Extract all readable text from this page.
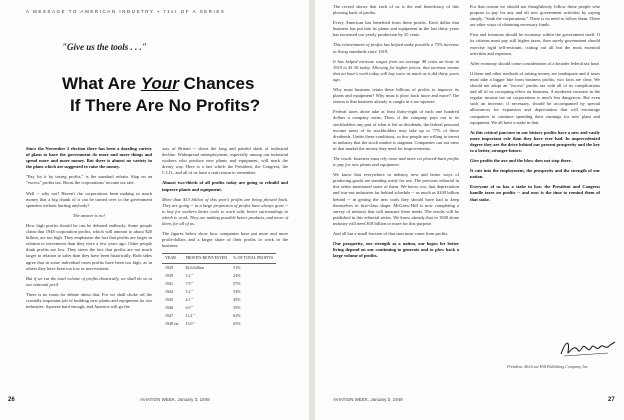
A MESSAGE TO AMERICAN INDUSTRY • 71st OF A SERIES
"Give us the tools . . ."
What Are Your Chances
If There Are No Profits?

Since the November 2 election there has been a dazzling variety of plans to have the government do more and more things and spend more and more money. But there is almost no variety in the plans which are suggested to raise the money.

"Pay for it by taxing profits," is the standard refrain. Slap on an "excess" profits tax. Boost the corporations' income tax rate.

Well -- why not? Haven't the corporations been making so much money that a big chunk of it can be turned over to the government spenders without hurting anybody?

The answer is no!

How high profits should be can be debated endlessly. Some people claim that 1948 corporation profits, which will amount to about $20 billion, are too high. They emphasize the fact that profits are larger in relation to investment than they were a few years ago. Other people think profits are low. They stress the fact that profits are not much larger in relation to sales than they have been historically. Both sides agree that in some individual cases profits have been too high, as in others they have been too low or non-existent.

But if we cut the total volume of profits drastically, we shall do so at our national peril.

There is no room for debate about that. For we shall choke off the crucially important job of building new plants and equipment for our industries. Squeeze hard enough, and America will go the

way of Britain -- down the long and painful skids of industrial decline. Widespread unemployment, especially among our industrial workers who produce new plants and equipment, will mark the dreary way. Here is a fact which the President, the Congress, the C.I.O., and all of us have a real reason to remember:

Almost two-thirds of all profits today are going to rebuild and improve plants and equipment.

More than $13 billion of this year's profits are being plowed back. They are going -- in a large proportion of profits have always gone -- to buy for workers better tools to work with, better surroundings in which to work. They are making possible better products, and more of them, for all of us.

The figures below show how companies have put more and more profit-dollars and a larger share of their profits to work in the business:

YEAR	PROFITS REINVESTED	% OF TOTAL PROFITS
1929	$2.6 billion	31%
1939	1.2 "	24%
1941	7.9 "	57%
1944	5.2 "	53%
1945	4.1 "	45%
1946	6.9 "	55%
1947	11.2 "	62%
1948 est.	13.0 "	65%
26	AVIATION WEEK, January 3, 1949

The record shows that each of us is the real beneficiary of this plowing back of profits.

Every American has benefited from these profits. Each dollar that business has put into its plants and equipment in the last thirty years has increased our yearly production by 35 cents.

This reinvestment of profits has helped make possible a 75% increase in living standards since 1919.

It has helped increase wages from an average 48 cents an hour in 1919 to $1.36 today. Allowing for higher prices, that increase means that an hour's work today will buy twice as much as it did thirty years ago.

Why must business retain these billions of profits to improve its plants and equipment? Why must it plow back more and more? The reason is that business already is caught in a tax squeeze.

Federal taxes alone take at least thirty-eight of each one hundred dollars a company earns. Then, if the company pays out to its stockholders any part of what is left as dividends, the federal personal income taxes of its stockholders may take up to 77% of those dividends. Under these conditions, so few people are willing to invest in industry that the stock market is stagnant. Companies can not raise in that market the money they need for improvements.

The result: business must rely more and more on plowed-back profits to pay for new plants and equipment.

We know that everywhere in industry new and better ways of producing goods are standing ready for use. The previous editorial in this series mentioned some of them. We know, too, that depreciation and war-out industries far behind schedule -- as much as $100 billion behind -- in getting the new tools they should have had to keep themselves in first-class shape. McGraw-Hill is now completing a survey of industry that will measure these needs. The results will be published in this editorial series. We know already that in 1949 alone industry will need $18 billion or more for this purpose.

And all but a small fraction of that sum must come from profits.

Our prosperity, our strength as a nation, our hopes for better living depend on our continuing to generate and to plow back a large volume of profits.

For that reason we should not thoughtlessly follow these people who propose to pay for any and all new government activities by saying simply, "Soak the corporations." There is no need to follow them. There are other ways of obtaining necessary funds.

First and foremost should be economy within the government itself. If its citizens must pay still higher taxes, then surely government should exercise rigid self-restraint, cutting out all but the most essential activities and expenses.

After economy should come consideration of a broader federal tax base.

If these and other methods of raising money are inadequate and if taxes must take a bigger bite from business profits, two facts are clear. We should not adopt an "excess" profits tax with all of its complications and all of its corrupting effect on business. A moderate increase in the regular income tax on corporations is much less dangerous. But even such an increase, if necessary, should be accompanied by special allowances for expansion and depreciation that will encourage companies to continue spending their earnings for new plant and equipment. We all have a stake in that.

At this critical juncture in our history profits have a new and vastly more important role than they have ever had. In unprecedented degree they are the drive behind our present prosperity and the key to a better, stronger future.

Give profits the axe and the blow does not stop there.

It cuts into the employment, the prosperity and the strength of our nation.

Everyone of us has a stake in how the President and Congress handle taxes on profits -- and now is the time to remind them of that stake.

President, McGraw-Hill Publishing Company, Inc.
AVIATION WEEK, January 3, 1949	27
